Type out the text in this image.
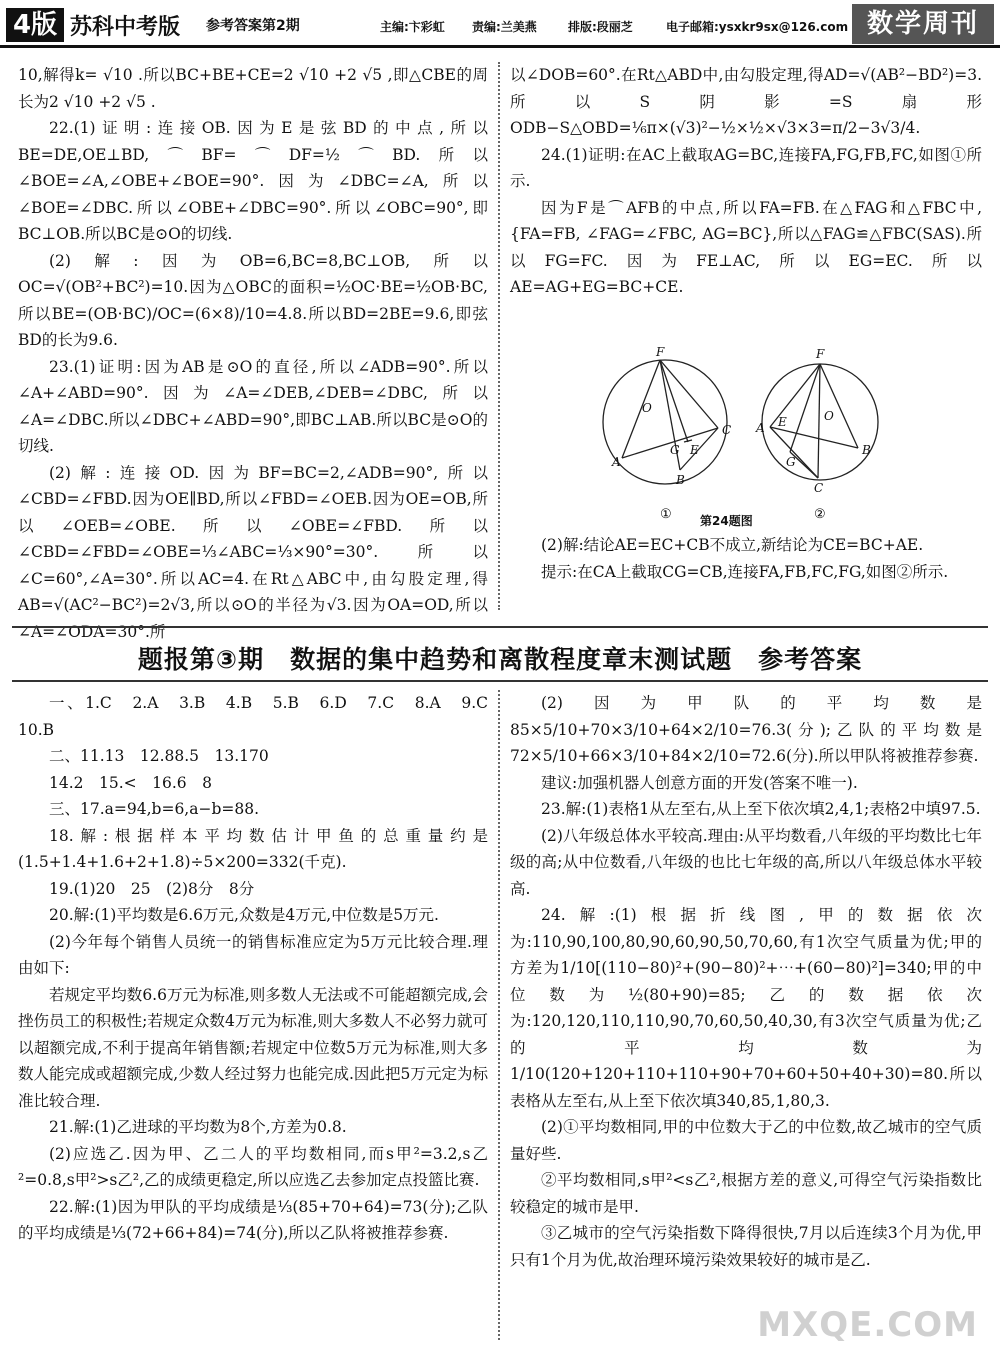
4版 苏科中考版 参考答案第2期	主编:卞彩虹 责编:兰美燕	排版:段丽芝	电子邮箱:ysxkr9sx@126.com 数学周刊

10,解得k= √10 .所以BC+BE+CE=2 √10 +2 √5 ,即△CBE的周长为2 √10 +2 √5 .

22.(1)证明:连接OB.因为E是弦BD的中点,所以BE=DE,OE⊥BD,⌒BF=⌒DF=½⌒BD.所以∠BOE=∠A,∠OBE+∠BOE=90°.因为∠DBC=∠A,所以∠BOE=∠DBC.所以∠OBE+∠DBC=90°.所以∠OBC=90°,即BC⊥OB.所以BC是⊙O的切线.

(2)解:因为OB=6,BC=8,BC⊥OB,所以OC=√(OB²+BC²)=10.因为△OBC的面积=½OC·BE=½OB·BC,所以BE=(OB·BC)/OC=(6×8)/10=4.8.所以BD=2BE=9.6,即弦BD的长为9.6.

23.(1)证明:因为AB是⊙O的直径,所以∠ADB=90°.所以∠A+∠ABD=90°.因为∠A=∠DEB,∠DEB=∠DBC,所以∠A=∠DBC.所以∠DBC+∠ABD=90°,即BC⊥AB.所以BC是⊙O的切线.

(2)解:连接OD.因为BF=BC=2,∠ADB=90°,所以∠CBD=∠FBD.因为OE∥BD,所以∠FBD=∠OEB.因为OE=OB,所以∠OEB=∠OBE.所以∠OBE=∠FBD.所以∠CBD=∠FBD=∠OBE=⅓∠ABC=⅓×90°=30°.所以∠C=60°,∠A=30°.所以AC=4.在Rt△ABC中,由勾股定理,得AB=√(AC²−BC²)=2√3,所以⊙O的半径为√3.因为OA=OD,所以∠A=∠ODA=30°.所

以∠DOB=60°.在Rt△ABD中,由勾股定理,得AD=√(AB²−BD²)=3.所以S阴影=S扇形ODB−S△OBD=⅙π×(√3)²−½×½×√3×3=π/2−3√3/4.

24.(1)证明:在AC上截取AG=BC,连接FA,FG,FB,FC,如图①所示.

因为F是⌒AFB的中点,所以FA=FB.在△FAG和△FBC中,{FA=FB, ∠FAG=∠FBC, AG=BC},所以△FAG≌△FBC(SAS).所以FG=FC.因为FE⊥AC,所以EG=EC.所以AE=AG+EG=BC+CE.

F
A
C
O
G E
B
F
A
B
O
E
G
C
①	②
第24题图

(2)解:结论AE=EC+CB不成立,新结论为CE=BC+AE.

提示:在CA上截取CG=CB,连接FA,FB,FC,FG,如图②所示.

题报第③期　数据的集中趋势和离散程度章末测试题　参考答案

一、1.C　2.A　3.B　4.B　5.B　6.D　7.C　8.A　9.C　10.B

二、11.13　12.88.5　13.170

14.2　15.<　16.6　8

三、17.a=94,b=6,a−b=88.

18.解:根据样本平均数估计甲鱼的总重量约是(1.5+1.4+1.6+2+1.8)÷5×200=332(千克).

19.(1)20　25　(2)8分　8分

20.解:(1)平均数是6.6万元,众数是4万元,中位数是5万元.

(2)今年每个销售人员统一的销售标准应定为5万元比较合理.理由如下:

若规定平均数6.6万元为标准,则多数人无法或不可能超额完成,会挫伤员工的积极性;若规定众数4万元为标准,则大多数人不必努力就可以超额完成,不利于提高年销售额;若规定中位数5万元为标准,则大多数人能完成或超额完成,少数人经过努力也能完成.因此把5万元定为标准比较合理.

21.解:(1)乙进球的平均数为8个,方差为0.8.

(2)应选乙.因为甲、乙二人的平均数相同,而s甲²=3.2,s乙²=0.8,s甲²>s乙²,乙的成绩更稳定,所以应选乙去参加定点投篮比赛.

22.解:(1)因为甲队的平均成绩是⅓(85+70+64)=73(分);乙队的平均成绩是⅓(72+66+84)=74(分),所以乙队将被推荐参赛.

(2)因为甲队的平均数是85×5/10+70×3/10+64×2/10=76.3(分);乙队的平均数是72×5/10+66×3/10+84×2/10=72.6(分).所以甲队将被推荐参赛.

建议:加强机器人创意方面的开发(答案不唯一).

23.解:(1)表格1从左至右,从上至下依次填2,4,1;表格2中填97.5.

(2)八年级总体水平较高.理由:从平均数看,八年级的平均数比七年级的高;从中位数看,八年级的也比七年级的高,所以八年级总体水平较高.

24.解:(1)根据折线图,甲的数据依次为:110,90,100,80,90,60,90,50,70,60,有1次空气质量为优;甲的方差为1/10[(110−80)²+(90−80)²+⋯+(60−80)²]=340;甲的中位数为½(80+90)=85;乙的数据依次为:120,120,110,110,90,70,60,50,40,30,有3次空气质量为优;乙的平均数为1/10(120+120+110+110+90+70+60+50+40+30)=80.所以表格从左至右,从上至下依次填340,85,1,80,3.

(2)①平均数相同,甲的中位数大于乙的中位数,故乙城市的空气质量好些.

②平均数相同,s甲²<s乙²,根据方差的意义,可得空气污染指数比较稳定的城市是甲.

③乙城市的空气污染指数下降得很快,7月以后连续3个月为优,甲只有1个月为优,故治理环境污染效果较好的城市是乙.

MXQE.COM
